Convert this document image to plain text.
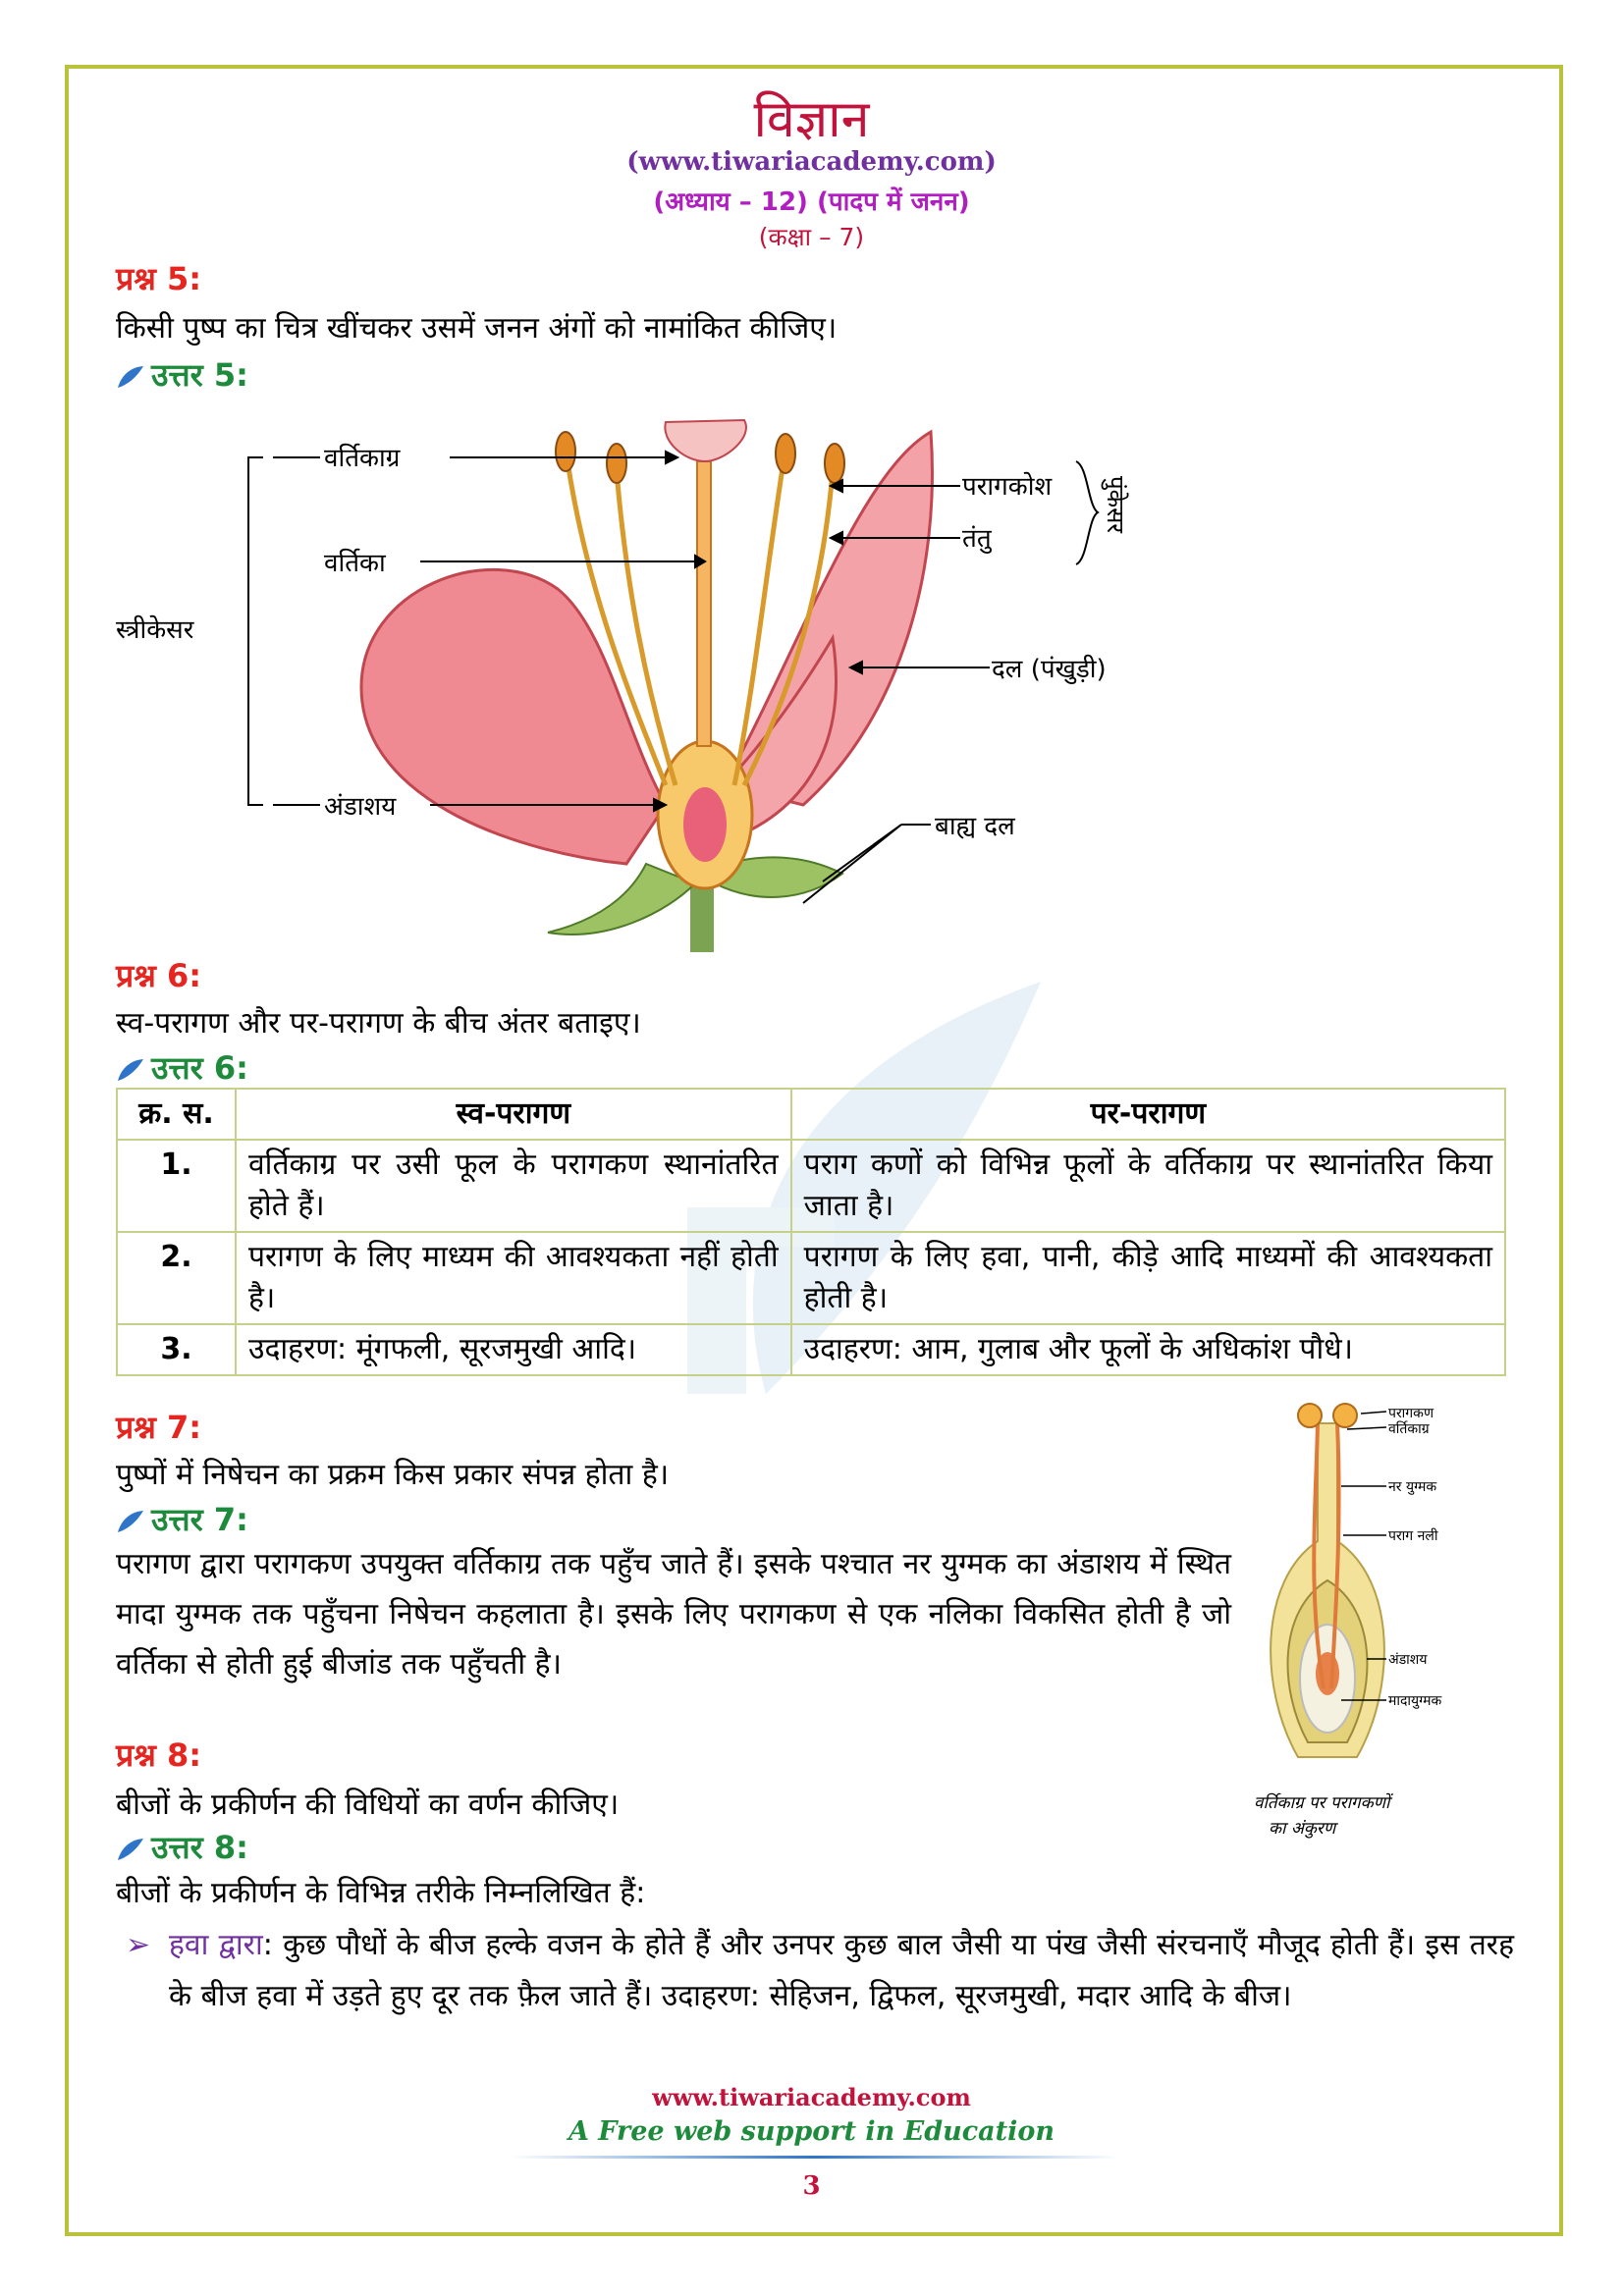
विज्ञान
(www.tiwariacademy.com)
(अध्याय – 12) (पादप में जनन)
(कक्षा – 7)
प्रश्न 5:
किसी पुष्प का चित्र खींचकर उसमें जनन अंगों को नामांकित कीजिए।
उत्तर 5:
स्त्रीकेसर
वर्तिकाग्र
वर्तिका
अंडाशय
परागकोश
तंतु
दल (पंखुड़ी)
बाह्य दल
पुंकेसर
प्रश्न 6:
स्व-परागण और पर-परागण के बीच अंतर बताइए।
उत्तर 6:
क्र. स.	स्व-परागण	पर-परागण
1.	वर्तिकाग्र पर उसी फूल के परागकण स्थानांतरित होते हैं।	पराग कणों को विभिन्न फूलों के वर्तिकाग्र पर स्थानांतरित किया जाता है।
2.	परागण के लिए माध्यम की आवश्यकता नहीं होती है।	परागण के लिए हवा, पानी, कीड़े आदि माध्यमों की आवश्यकता होती है।
3.	उदाहरण: मूंगफली, सूरजमुखी आदि।	उदाहरण: आम, गुलाब और फूलों के अधिकांश पौधे।
प्रश्न 7:
पुष्पों में निषेचन का प्रक्रम किस प्रकार संपन्न होता है।
उत्तर 7:
परागण द्वारा परागकण उपयुक्त वर्तिकाग्र तक पहुँच जाते हैं। इसके पश्चात नर युग्मक का अंडाशय में स्थित मादा युग्मक तक पहुँचना निषेचन कहलाता है। इसके लिए परागकण से एक नलिका विकसित होती है जो वर्तिका से होती हुई बीजांड तक पहुँचती है।
परागकण
वर्तिकाग्र
नर युग्मक
पराग नली
अंडाशय
मादायुग्मक
वर्तिकाग्र पर परागकणों
का अंकुरण
प्रश्न 8:
बीजों के प्रकीर्णन की विधियों का वर्णन कीजिए।
उत्तर 8:
बीजों के प्रकीर्णन के विभिन्न तरीके निम्नलिखित हैं:
➢ हवा द्वारा: कुछ पौधों के बीज हल्के वजन के होते हैं और उनपर कुछ बाल जैसी या पंख जैसी संरचनाएँ मौजूद होती हैं। इस तरह के बीज हवा में उड़ते हुए दूर तक फ़ैल जाते हैं। उदाहरण: सेहिजन, द्विफल, सूरजमुखी, मदार आदि के बीज।
www.tiwariacademy.com
A Free web support in Education
3
